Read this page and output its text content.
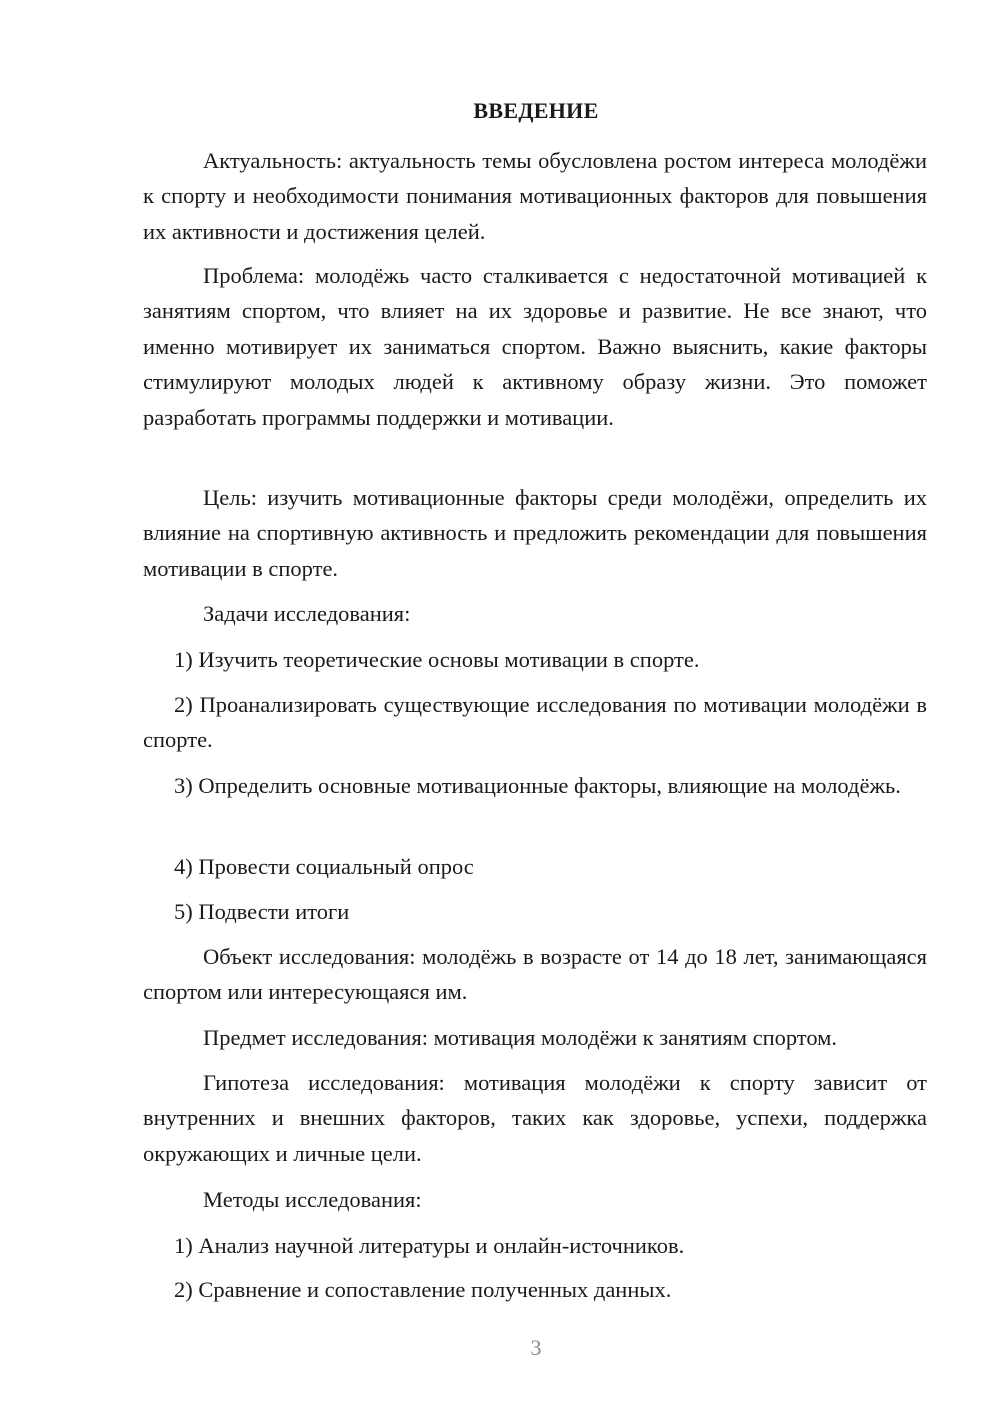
ВВЕДЕНИЕ

Актуальность: актуальность темы обусловлена ростом интереса молодёжи к спорту и необходимости понимания мотивационных факторов для повышения их активности и достижения целей.

Проблема: молодёжь часто сталкивается с недостаточной мотивацией к занятиям спортом, что влияет на их здоровье и развитие. Не все знают, что именно мотивирует их заниматься спортом. Важно выяснить, какие факторы стимулируют молодых людей к активному образу жизни. Это поможет разработать программы поддержки и мотивации.

Цель: изучить мотивационные факторы среди молодёжи, определить их влияние на спортивную активность и предложить рекомендации для повышения мотивации в спорте.

Задачи исследования:

1) Изучить теоретические основы мотивации в спорте.

2) Проанализировать существующие исследования по мотивации молодёжи в спорте.

3) Определить основные мотивационные факторы, влияющие на молодёжь.

4) Провести социальный опрос

5) Подвести итоги

Объект исследования: молодёжь в возрасте от 14 до 18 лет, занимающаяся спортом или интересующаяся им.

Предмет исследования: мотивация молодёжи к занятиям спортом.

Гипотеза исследования: мотивация молодёжи к спорту зависит от внутренних и внешних факторов, таких как здоровье, успехи, поддержка окружающих и личные цели.

Методы исследования:

1) Анализ научной литературы и онлайн-источников.

2) Сравнение и сопоставление полученных данных.

3
